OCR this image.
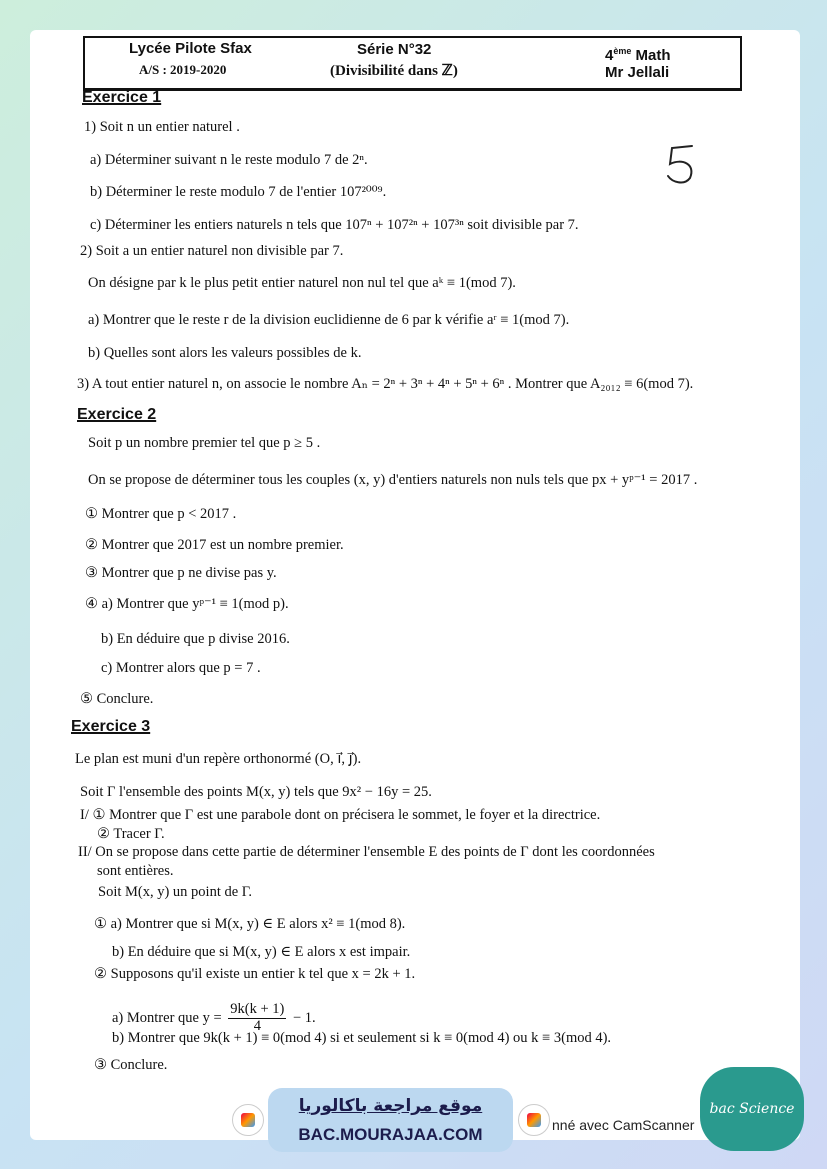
Lycée Pilote Sfax
A/S : 2019-2020
Série N°32
(Divisibilité dans ℤ)
4ème Math
Mr Jellali
Exercice 1
1) Soit n un entier naturel .
a) Déterminer suivant n le reste modulo 7 de 2ⁿ.
b) Déterminer le reste modulo 7 de l'entier 107²⁰⁰⁹.
c) Déterminer les entiers naturels n tels que 107ⁿ + 107²ⁿ + 107³ⁿ soit divisible par 7.
2) Soit a un entier naturel non divisible par 7.
On désigne par k le plus petit entier naturel non nul tel que aᵏ ≡ 1(mod 7).
a) Montrer que le reste r de la division euclidienne de 6 par k vérifie aʳ ≡ 1(mod 7).
b) Quelles sont alors les valeurs possibles de k.
3) A tout entier naturel n, on associe le nombre Aₙ = 2ⁿ + 3ⁿ + 4ⁿ + 5ⁿ + 6ⁿ . Montrer que A₂₀₁₂ ≡ 6(mod 7).
Exercice 2
Soit p un nombre premier tel que p ≥ 5 .
On se propose de déterminer tous les couples (x, y) d'entiers naturels non nuls tels que px + yᵖ⁻¹ = 2017 .
① Montrer que p < 2017 .
② Montrer que 2017 est un nombre premier.
③ Montrer que p ne divise pas y.
④ a) Montrer que yᵖ⁻¹ ≡ 1(mod p).
b) En déduire que p divise 2016.
c) Montrer alors que p = 7 .
⑤ Conclure.
Exercice 3
Le plan est muni d'un repère orthonormé (O, i⃗, j⃗).
Soit Γ l'ensemble des points M(x, y) tels que 9x² − 16y = 25.
I/ ① Montrer que Γ est une parabole dont on précisera le sommet, le foyer et la directrice.
② Tracer Γ.
II/ On se propose dans cette partie de déterminer l'ensemble E des points de Γ dont les coordonnées
sont entières.
Soit M(x, y) un point de Γ.
① a) Montrer que si M(x, y) ∈ E alors x² ≡ 1(mod 8).
b) En déduire que si M(x, y) ∈ E alors x est impair.
② Supposons qu'il existe un entier k tel que x = 2k + 1.
a) Montrer que $y = \frac{9k(k + 1)}{4} - 1$.
b) Montrer que 9k(k + 1) ≡ 0(mod 4) si et seulement si k ≡ 0(mod 4) ou k ≡ 3(mod 4).
③ Conclure.
موقع مراجعة باكالوريا
BAC.MOURAJAA.COM	nné avec CamScanner
bac Science
